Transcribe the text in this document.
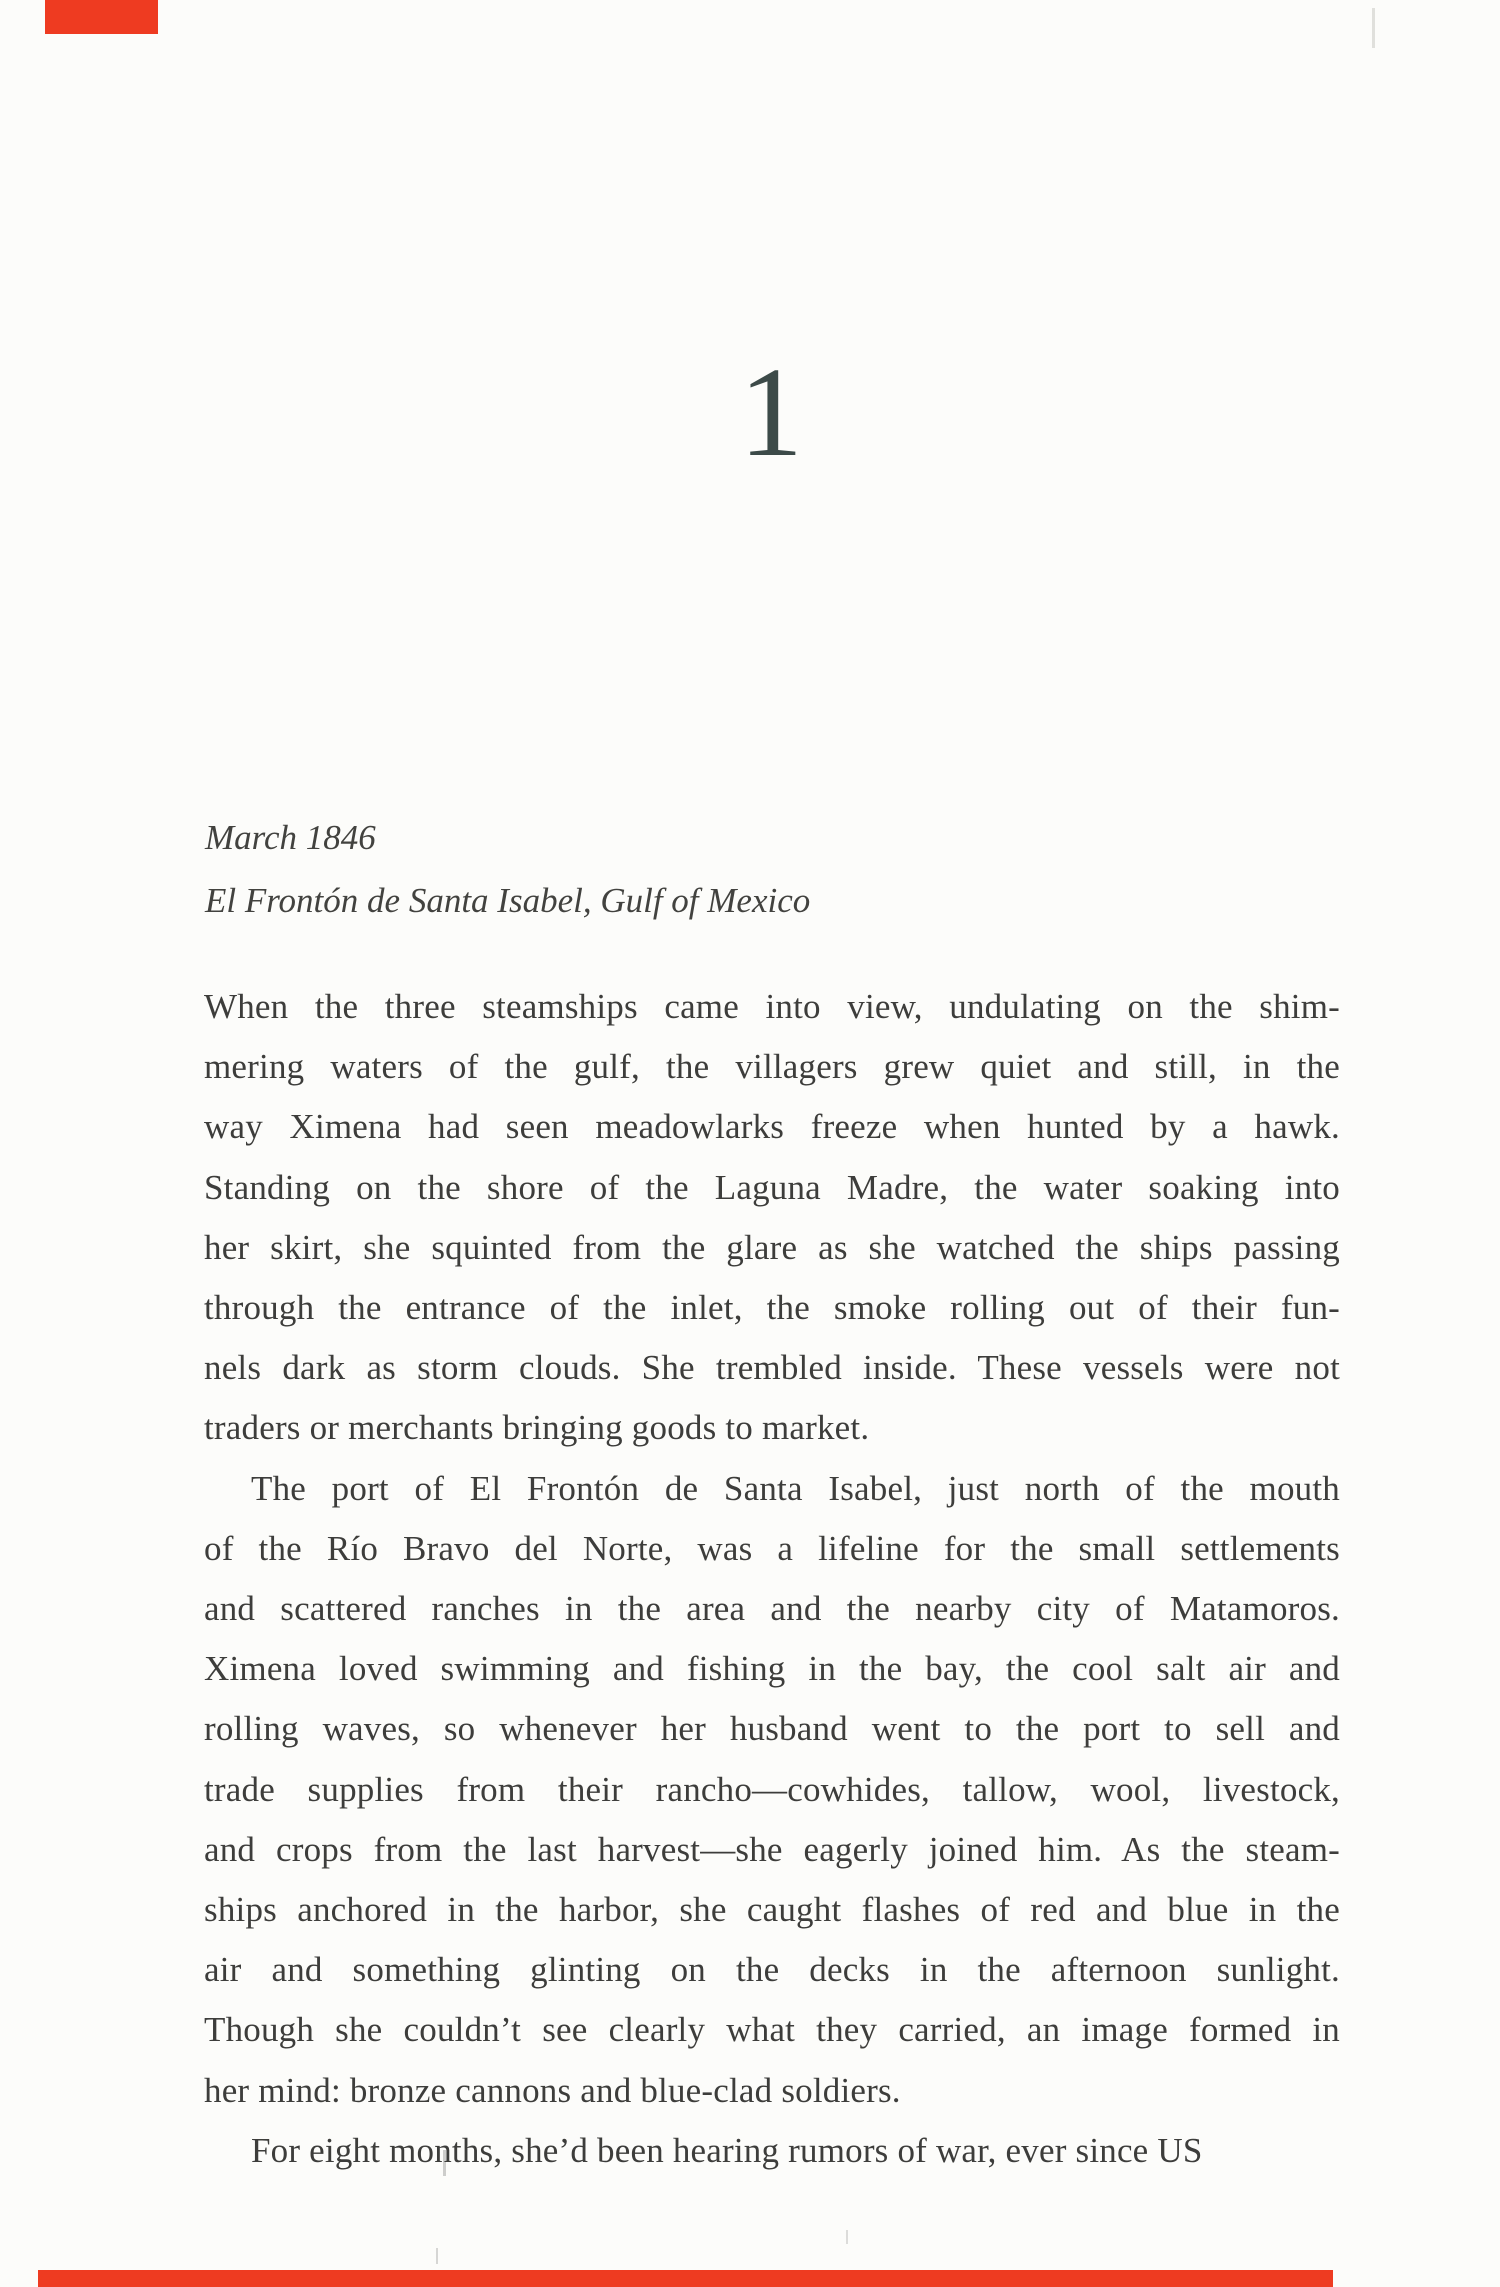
1
March 1846
El Frontón de Santa Isabel, Gulf of Mexico
When the three steamships came into view, undulating on the shim-
mering waters of the gulf, the villagers grew quiet and still, in the
way Ximena had seen meadowlarks freeze when hunted by a hawk.
Standing on the shore of the Laguna Madre, the water soaking into
her skirt, she squinted from the glare as she watched the ships passing
through the entrance of the inlet, the smoke rolling out of their fun-
nels dark as storm clouds. She trembled inside. These vessels were not
traders or merchants bringing goods to market.
The port of El Frontón de Santa Isabel, just north of the mouth
of the Río Bravo del Norte, was a lifeline for the small settlements
and scattered ranches in the area and the nearby city of Matamoros.
Ximena loved swimming and fishing in the bay, the cool salt air and
rolling waves, so whenever her husband went to the port to sell and
trade supplies from their rancho—cowhides, tallow, wool, livestock,
and crops from the last harvest—she eagerly joined him. As the steam-
ships anchored in the harbor, she caught flashes of red and blue in the
air and something glinting on the decks in the afternoon sunlight.
Though she couldn’t see clearly what they carried, an image formed in
her mind: bronze cannons and blue-clad soldiers.
For eight months, she’d been hearing rumors of war, ever since US
